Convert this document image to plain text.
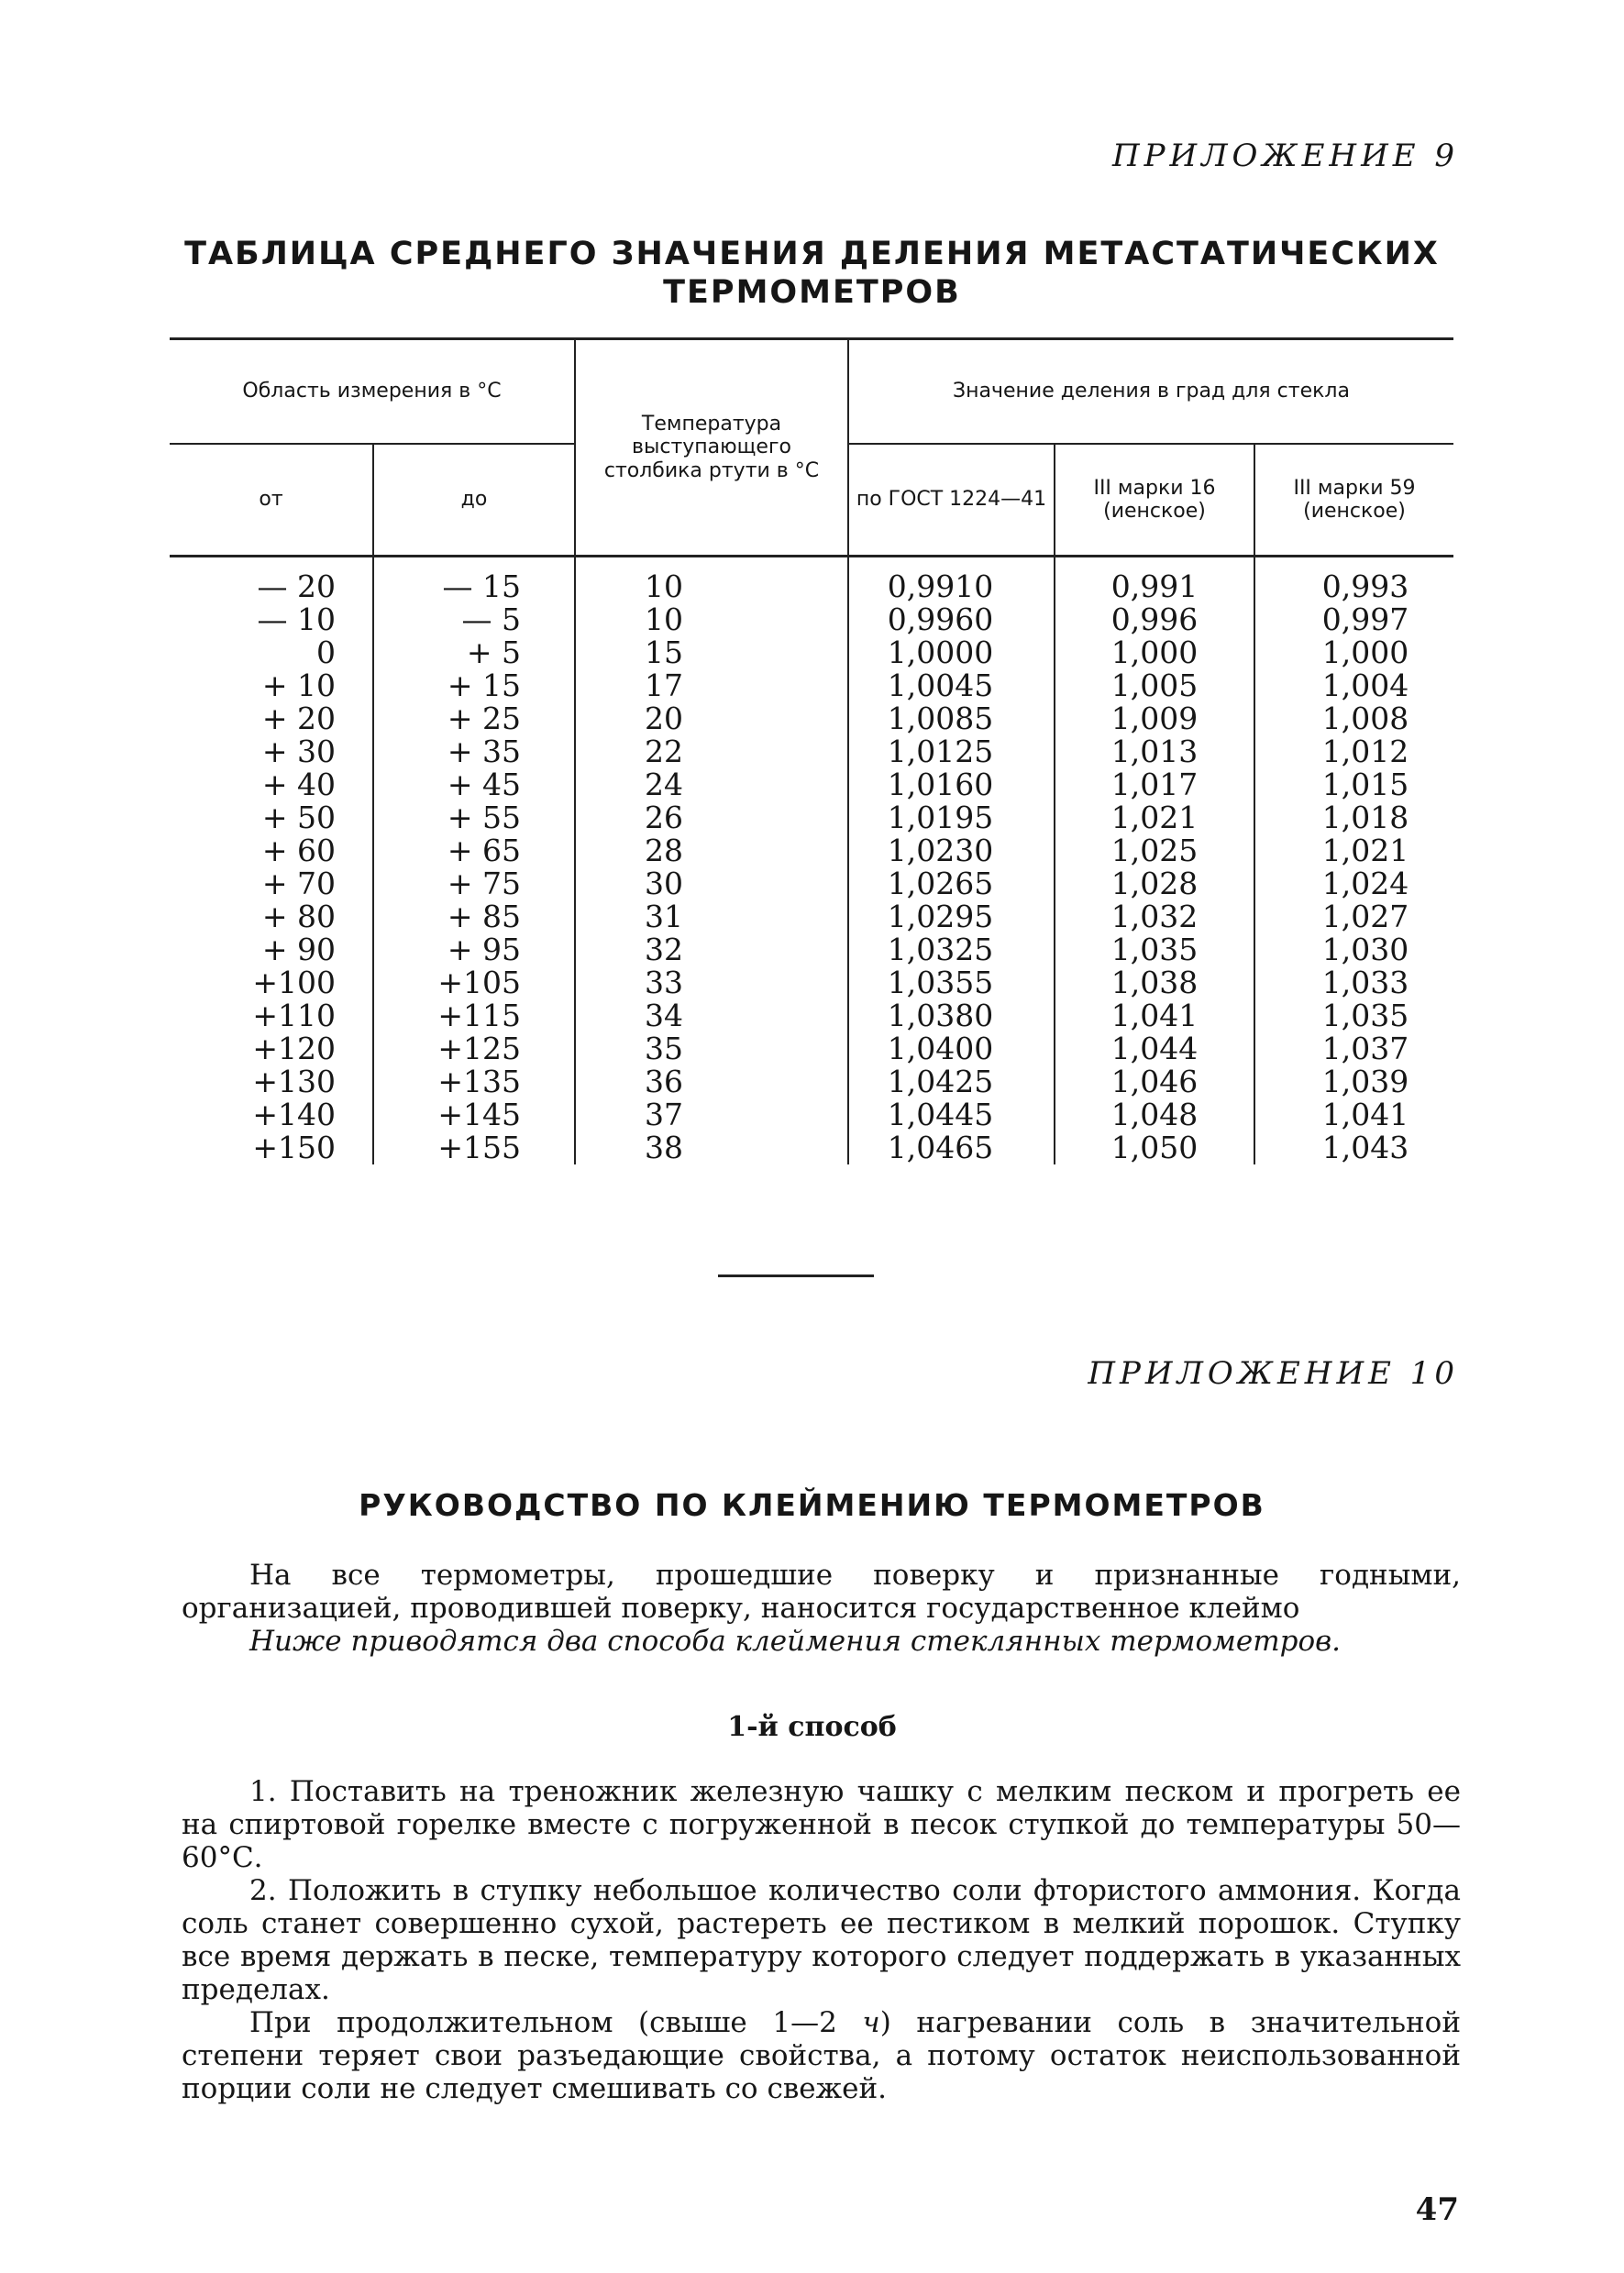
ПРИЛОЖЕНИЕ 9
ТАБЛИЦА СРЕДНЕГО ЗНАЧЕНИЯ ДЕЛЕНИЯ МЕТАСТАТИЧЕСКИХ
ТЕРМОМЕТРОВ
Область измерения в °С		Температура выступающего столбика ртути в °С	Значение деления в град для стекла		
от	до		по ГОСТ 1224—41	III марки 16 (иенское)	III марки 59 (иенское)
— 20	— 15	10	0,9910	0,991	0,993
— 10	— 5	10	0,9960	0,996	0,997
0	+ 5	15	1,0000	1,000	1,000
+ 10	+ 15	17	1,0045	1,005	1,004
+ 20	+ 25	20	1,0085	1,009	1,008
+ 30	+ 35	22	1,0125	1,013	1,012
+ 40	+ 45	24	1,0160	1,017	1,015
+ 50	+ 55	26	1,0195	1,021	1,018
+ 60	+ 65	28	1,0230	1,025	1,021
+ 70	+ 75	30	1,0265	1,028	1,024
+ 80	+ 85	31	1,0295	1,032	1,027
+ 90	+ 95	32	1,0325	1,035	1,030
+100	+105	33	1,0355	1,038	1,033
+110	+115	34	1,0380	1,041	1,035
+120	+125	35	1,0400	1,044	1,037
+130	+135	36	1,0425	1,046	1,039
+140	+145	37	1,0445	1,048	1,041
+150	+155	38	1,0465	1,050	1,043
ПРИЛОЖЕНИЕ 10
РУКОВОДСТВО ПО КЛЕЙМЕНИЮ ТЕРМОМЕТРОВ

На все термометры, прошедшие поверку и признанные годными, организацией, проводившей поверку, наносится государственное клеймо

Ниже приводятся два способа клеймения стеклянных термометров.

1-й способ

1. Поставить на треножник железную чашку с мелким песком и прогреть ее на спиртовой горелке вместе с погруженной в песок ступкой до температуры 50—60°С.

2. Положить в ступку небольшое количество соли фтористого аммония. Когда соль станет совершенно сухой, растереть ее пестиком в мелкий порошок. Ступку все время держать в песке, температуру которого следует поддержать в указанных пределах.

При продолжительном (свыше 1—2 ч) нагревании соль в значительной степени теряет свои разъедающие свойства, а потому остаток неиспользованной порции соли не следует смешивать со свежей.

47
